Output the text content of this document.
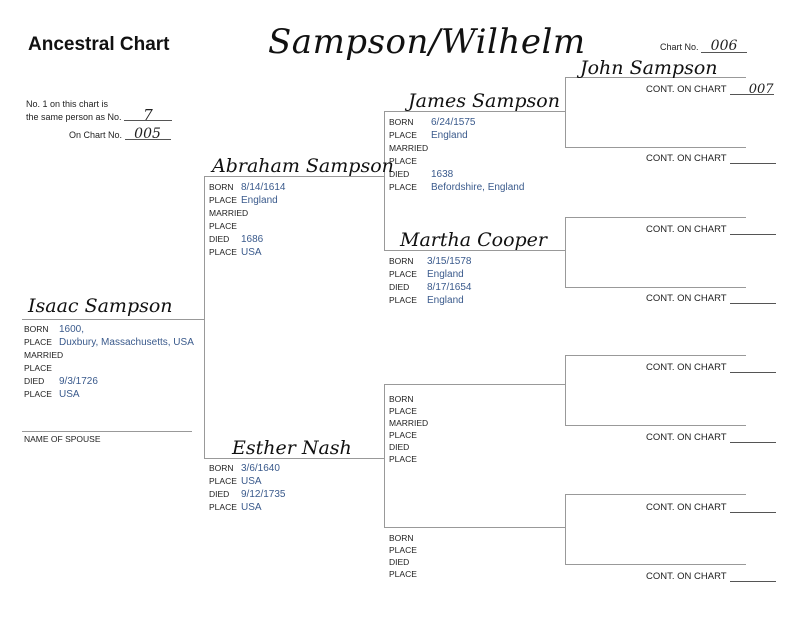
Ancestral Chart	Sampson/Wilhelm	Chart No. 006
No. 1 on this chart is
the same person as No. 7
On Chart No. 005
Isaac Sampson
BORN 1600,
PLACE Duxbury, Massachusetts, USA
MARRIED
PLACE
DIED 9/3/1726
PLACE USA
NAME OF SPOUSE
Abraham Sampson
BORN 8/14/1614
PLACE England
MARRIED
PLACE
DIED 1686
PLACE USA
Esther Nash
BORN 3/6/1640
PLACE USA
DIED 9/12/1735
PLACE USA
James Sampson
BORN 6/24/1575
PLACE England
MARRIED
PLACE
DIED 1638
PLACE Befordshire, England
Martha Cooper
BORN 3/15/1578
PLACE England
DIED 8/17/1654
PLACE England
BORN
PLACE
MARRIED
PLACE
DIED
PLACE
BORN
PLACE
DIED
PLACE
John Sampson
CONT. ON CHART 007
CONT. ON CHART
CONT. ON CHART
CONT. ON CHART
CONT. ON CHART
CONT. ON CHART
CONT. ON CHART
CONT. ON CHART
